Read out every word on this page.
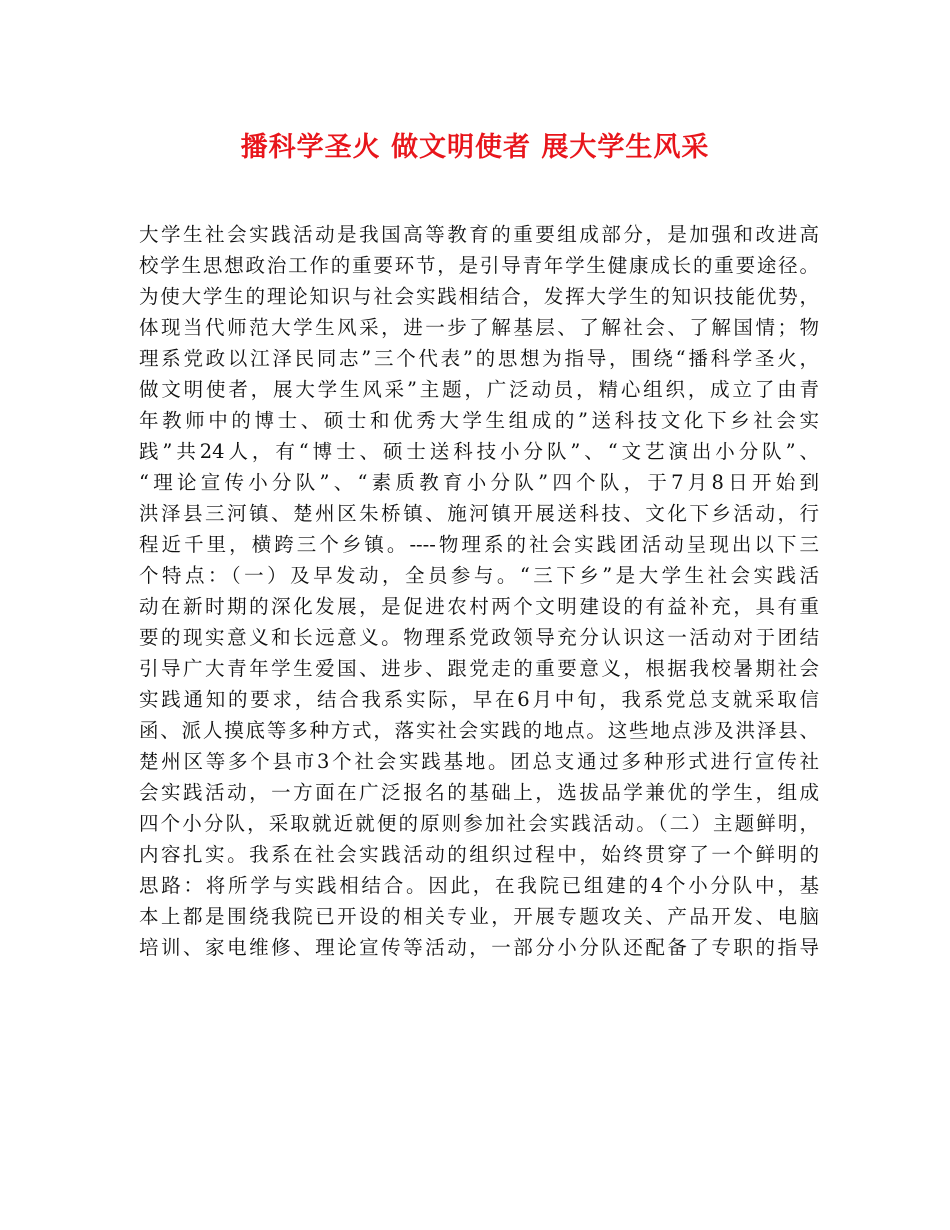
播科学圣火 做文明使者 展大学生风采
大学生社会实践活动是我国高等教育的重要组成部分，是加强和改进高
校学生思想政治工作的重要环节，是引导青年学生健康成长的重要途径。
为使大学生的理论知识与社会实践相结合，发挥大学生的知识技能优势，
体现当代师范大学生风采，进一步了解基层、了解社会、了解国情；物
理系党政以江泽民同志”三个代表”的思想为指导，围绕“播科学圣火，
做文明使者，展大学生风采”主题，广泛动员，精心组织，成立了由青
年教师中的博士、硕士和优秀大学生组成的”送科技文化下乡社会实
践”共24人，有“博士、硕士送科技小分队”、“文艺演出小分队”、
“理论宣传小分队”、“素质教育小分队”四个队，于7月8日开始到
洪泽县三河镇、楚州区朱桥镇、施河镇开展送科技、文化下乡活动，行
程近千里，横跨三个乡镇。----物理系的社会实践团活动呈现出以下三
个特点：（一）及早发动，全员参与。“三下乡”是大学生社会实践活
动在新时期的深化发展，是促进农村两个文明建设的有益补充，具有重
要的现实意义和长远意义。物理系党政领导充分认识这一活动对于团结
引导广大青年学生爱国、进步、跟党走的重要意义，根据我校暑期社会
实践通知的要求，结合我系实际，早在6月中旬，我系党总支就采取信
函、派人摸底等多种方式，落实社会实践的地点。这些地点涉及洪泽县、
楚州区等多个县市3个社会实践基地。团总支通过多种形式进行宣传社
会实践活动，一方面在广泛报名的基础上，选拔品学兼优的学生，组成
四个小分队，采取就近就便的原则参加社会实践活动。（二）主题鲜明，
内容扎实。我系在社会实践活动的组织过程中，始终贯穿了一个鲜明的
思路：将所学与实践相结合。因此，在我院已组建的4个小分队中，基
本上都是围绕我院已开设的相关专业，开展专题攻关、产品开发、电脑
培训、家电维修、理论宣传等活动，一部分小分队还配备了专职的指导
